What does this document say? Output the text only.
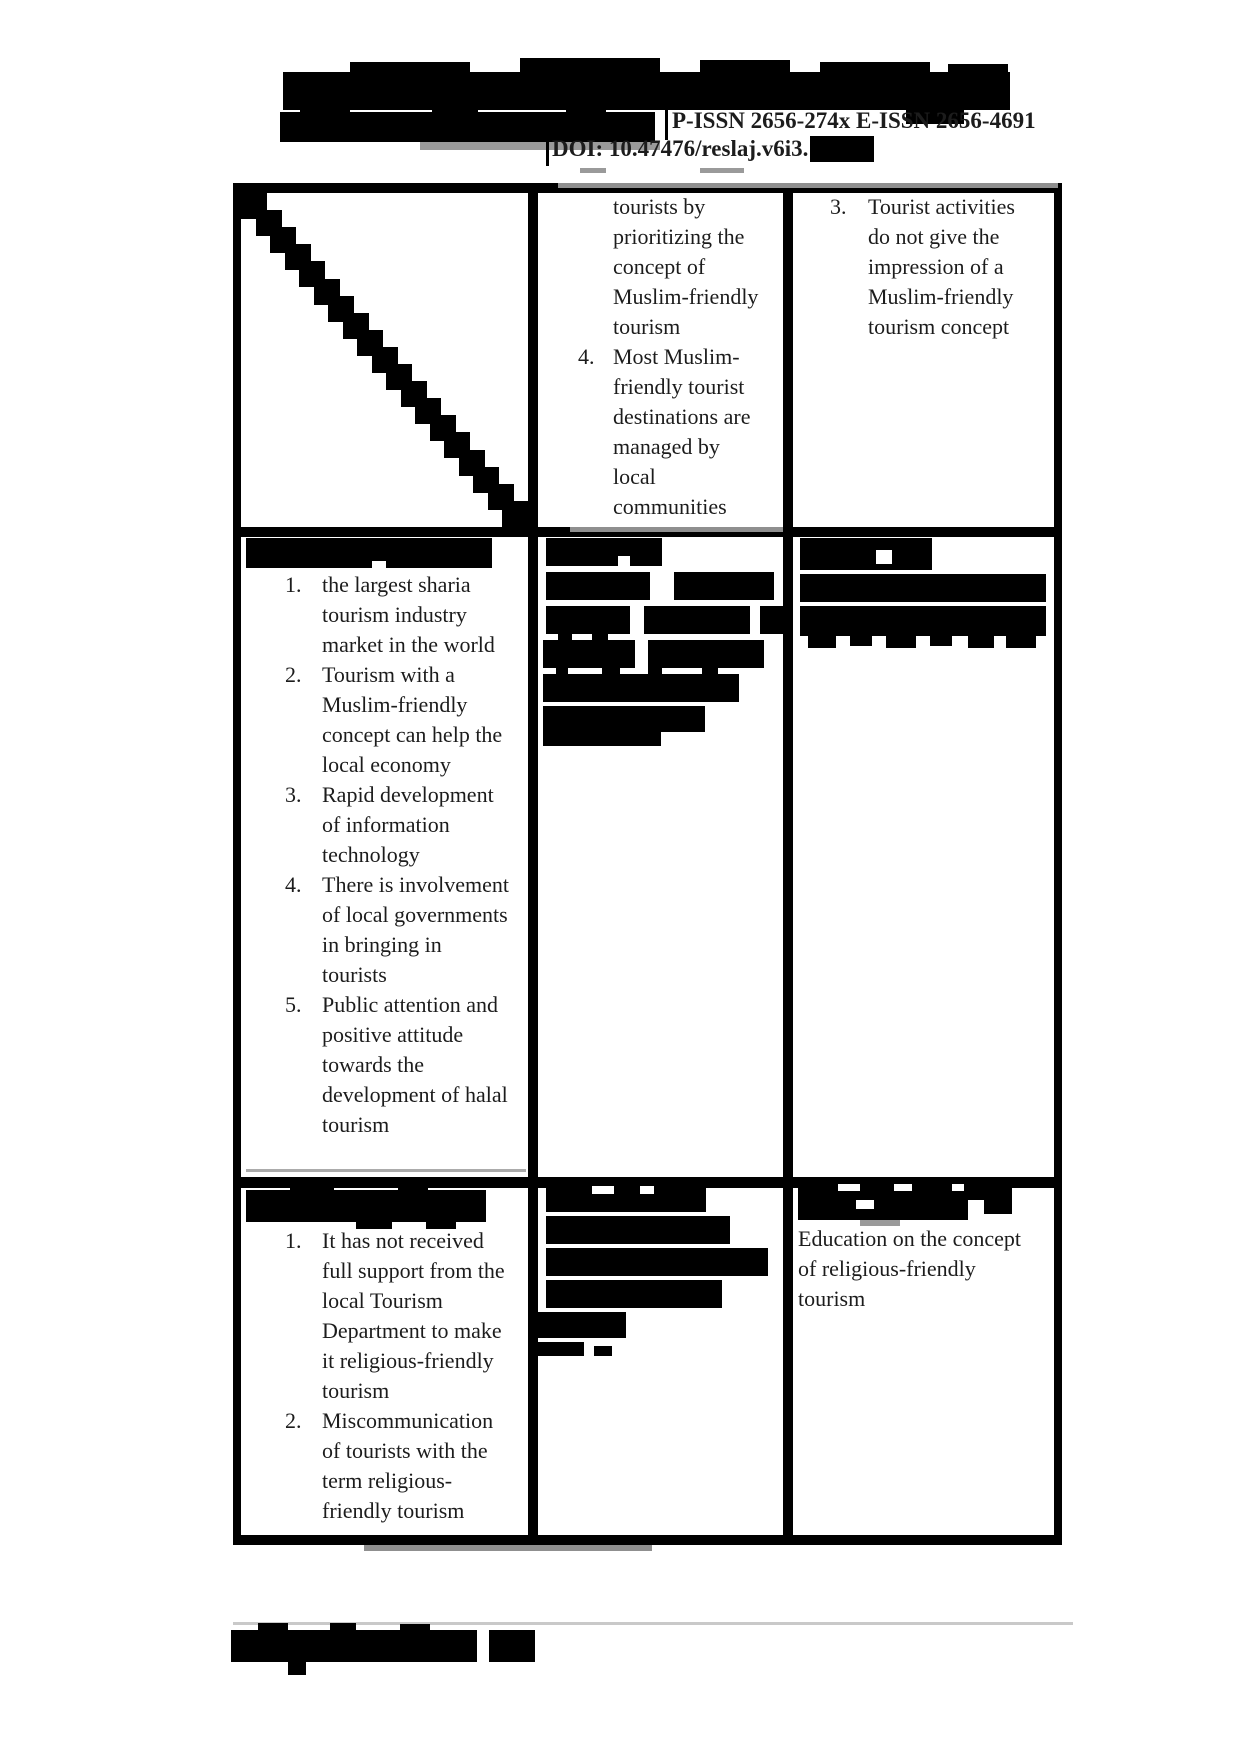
P-ISSN 2656-274x E-ISSN 2656-4691
DOI: 10.47476/reslaj.v6i3.
tourists by prioritizing the concept of Muslim-friendly tourism
4. Most Muslim-friendly tourist destinations are managed by local communities
3. Tourist activities do not give the impression of a Muslim-friendly tourism concept
1. the largest sharia tourism industry market in the world
2. Tourism with a Muslim-friendly concept can help the local economy
3. Rapid development of information technology
4. There is involvement of local governments in bringing in tourists
5. Public attention and positive attitude towards the development of halal tourism
1. It has not received full support from the local Tourism Department to make it religious-friendly tourism
2. Miscommunication of tourists with the term religious-friendly tourism
Education on the concept of religious-friendly tourism
